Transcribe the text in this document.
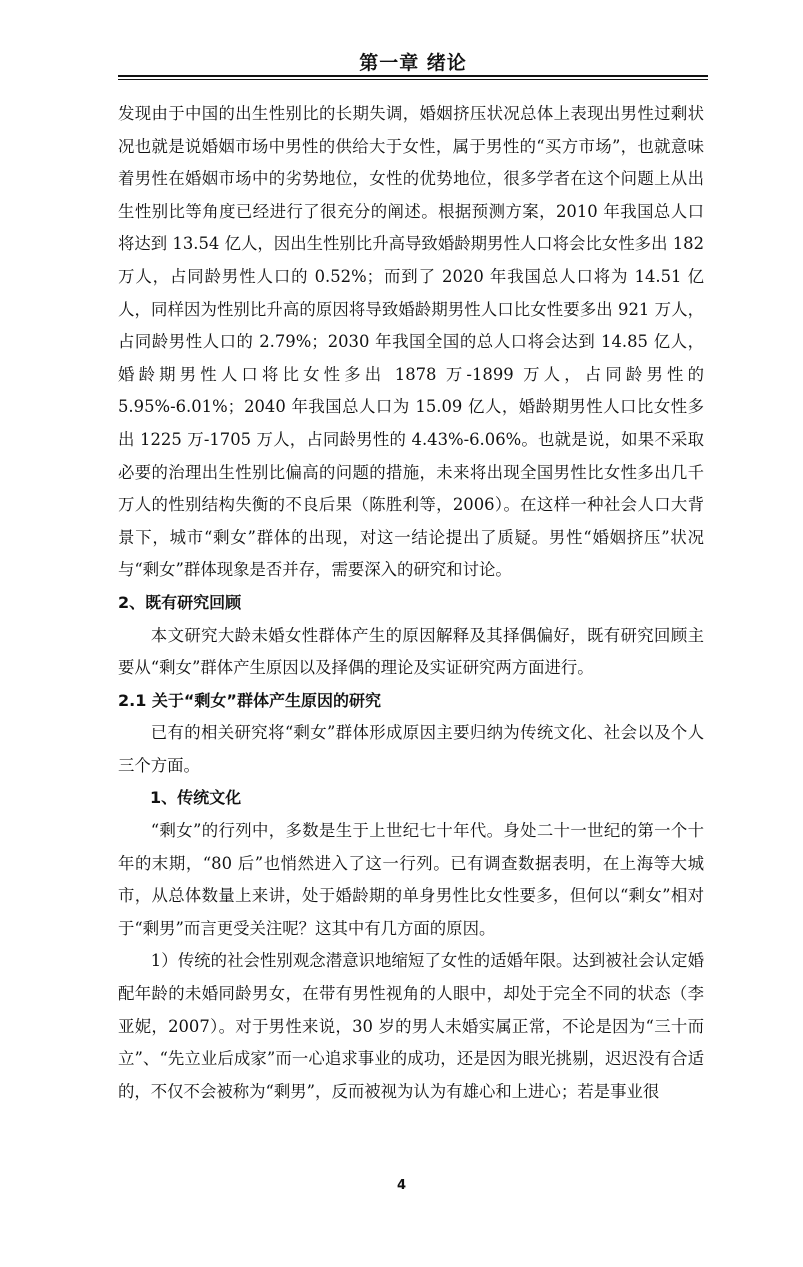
第一章 绪论

发现由于中国的出生性别比的长期失调，婚姻挤压状况总体上表现出男性过剩状况也就是说婚姻市场中男性的供给大于女性，属于男性的“买方市场”，也就意味着男性在婚姻市场中的劣势地位，女性的优势地位，很多学者在这个问题上从出生性别比等角度已经进行了很充分的阐述。根据预测方案，2010 年我国总人口将达到 13.54 亿人，因出生性别比升高导致婚龄期男性人口将会比女性多出 182 万人，占同龄男性人口的 0.52%；而到了 2020 年我国总人口将为 14.51 亿人，同样因为性别比升高的原因将导致婚龄期男性人口比女性要多出 921 万人，占同龄男性人口的 2.79%；2030 年我国全国的总人口将会达到 14.85 亿人，婚龄期男性人口将比女性多出 1878 万-1899 万人，占同龄男性的 5.95%-6.01%；2040 年我国总人口为 15.09 亿人，婚龄期男性人口比女性多出 1225 万-1705 万人，占同龄男性的 4.43%-6.06%。也就是说，如果不采取必要的治理出生性别比偏高的问题的措施，未来将出现全国男性比女性多出几千万人的性别结构失衡的不良后果（陈胜利等，2006）。在这样一种社会人口大背景下，城市“剩女”群体的出现，对这一结论提出了质疑。男性“婚姻挤压”状况与“剩女”群体现象是否并存，需要深入的研究和讨论。

2、既有研究回顾

本文研究大龄未婚女性群体产生的原因解释及其择偶偏好，既有研究回顾主要从“剩女”群体产生原因以及择偶的理论及实证研究两方面进行。

2.1 关于“剩女”群体产生原因的研究

已有的相关研究将“剩女”群体形成原因主要归纳为传统文化、社会以及个人三个方面。

1、传统文化

“剩女”的行列中，多数是生于上世纪七十年代。身处二十一世纪的第一个十年的末期，“80 后”也悄然进入了这一行列。已有调查数据表明，在上海等大城市，从总体数量上来讲，处于婚龄期的单身男性比女性要多，但何以“剩女”相对于“剩男”而言更受关注呢？这其中有几方面的原因。

1）传统的社会性别观念潜意识地缩短了女性的适婚年限。达到被社会认定婚配年龄的未婚同龄男女，在带有男性视角的人眼中，却处于完全不同的状态（李亚妮，2007）。对于男性来说，30 岁的男人未婚实属正常，不论是因为“三十而立”、“先立业后成家”而一心追求事业的成功，还是因为眼光挑剔，迟迟没有合适的，不仅不会被称为“剩男”，反而被视为认为有雄心和上进心；若是事业很

4
